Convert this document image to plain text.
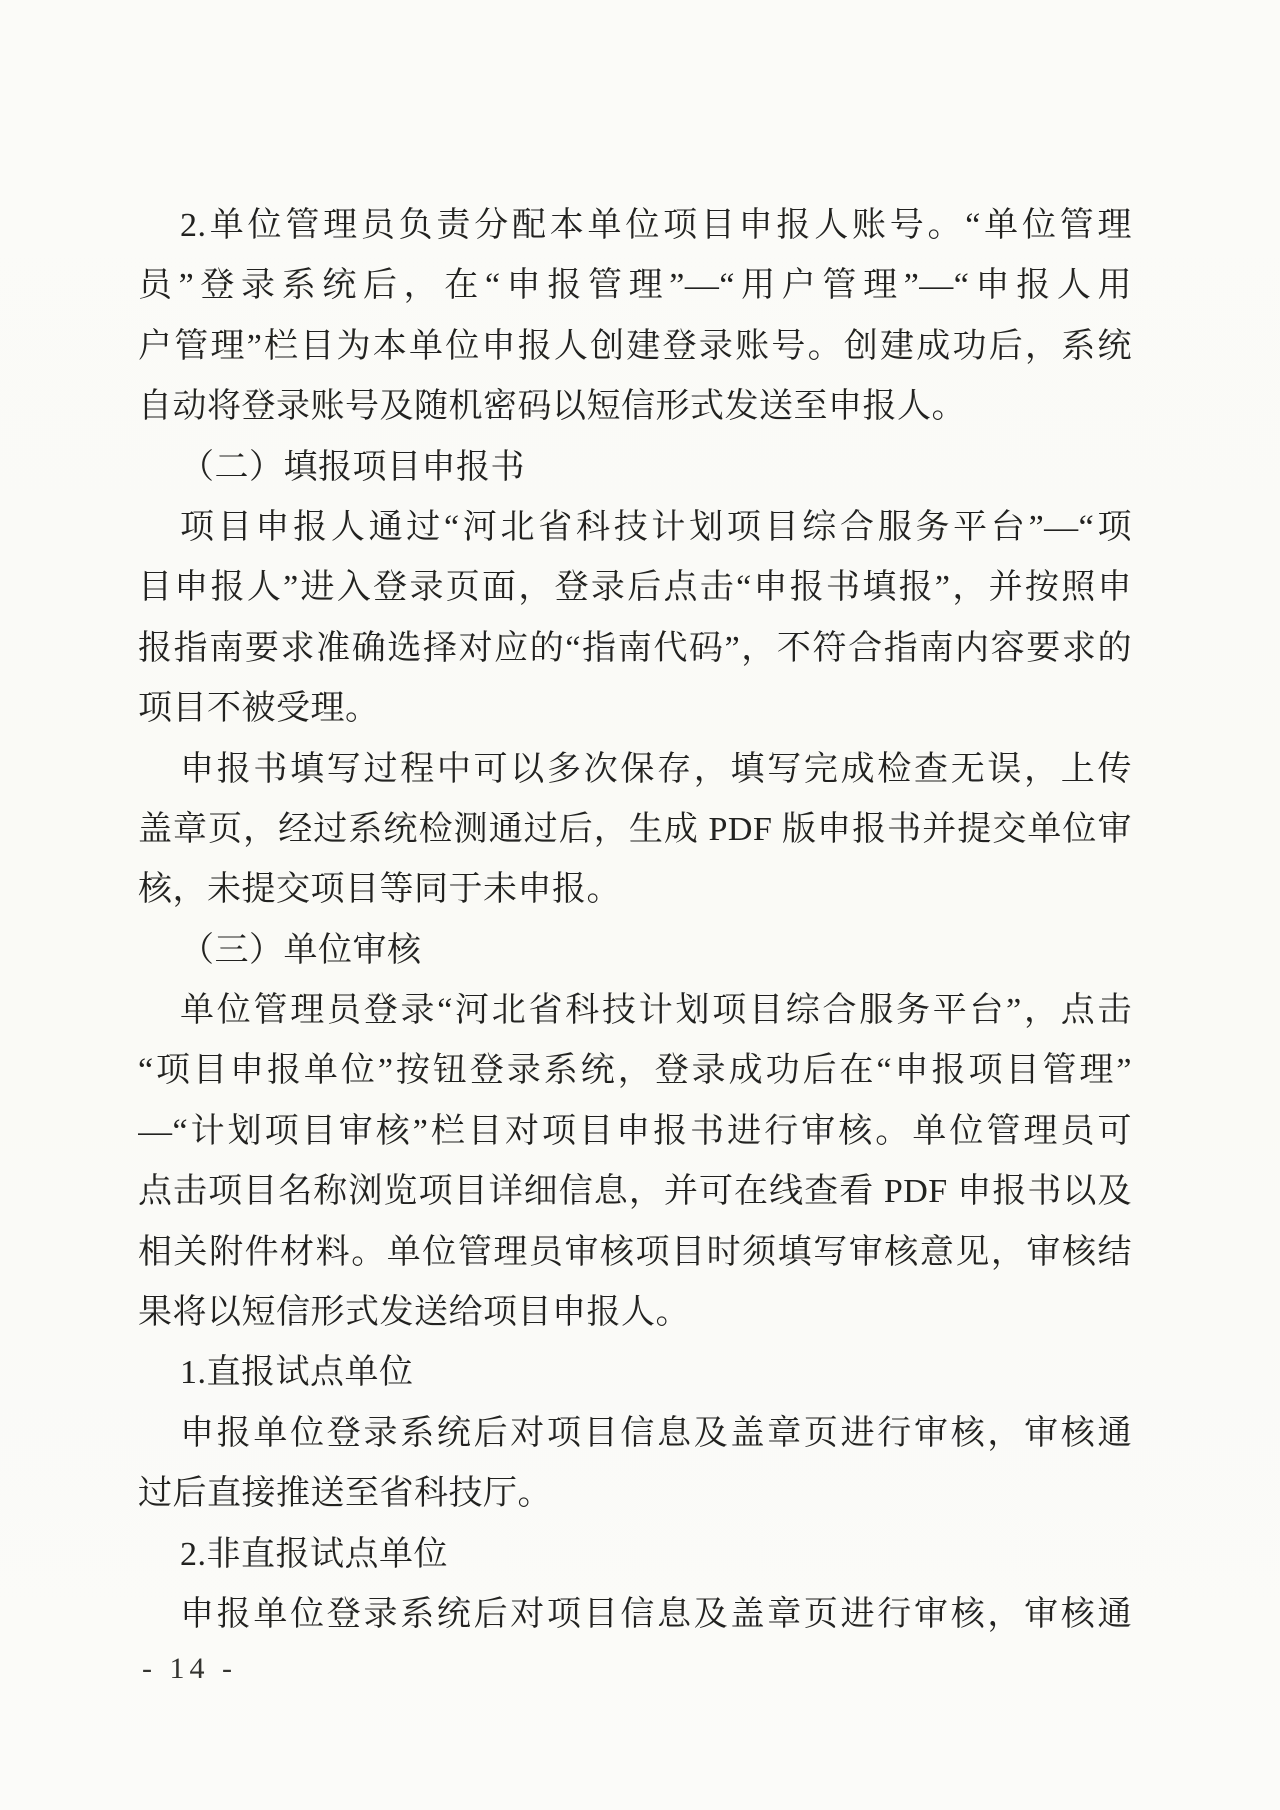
2.单位管理员负责分配本单位项目申报人账号。“单位管理
员”登录系统后，在“申报管理”—“用户管理”—“申报人用
户管理”栏目为本单位申报人创建登录账号。创建成功后，系统
自动将登录账号及随机密码以短信形式发送至申报人。
（二）填报项目申报书
项目申报人通过“河北省科技计划项目综合服务平台”—“项
目申报人”进入登录页面，登录后点击“申报书填报”，并按照申
报指南要求准确选择对应的“指南代码”，不符合指南内容要求的
项目不被受理。
申报书填写过程中可以多次保存，填写完成检查无误，上传
盖章页，经过系统检测通过后，生成 PDF 版申报书并提交单位审
核，未提交项目等同于未申报。
（三）单位审核
单位管理员登录“河北省科技计划项目综合服务平台”，点击
“项目申报单位”按钮登录系统，登录成功后在“申报项目管理”
—“计划项目审核”栏目对项目申报书进行审核。单位管理员可
点击项目名称浏览项目详细信息，并可在线查看 PDF 申报书以及
相关附件材料。单位管理员审核项目时须填写审核意见，审核结
果将以短信形式发送给项目申报人。
1.直报试点单位
申报单位登录系统后对项目信息及盖章页进行审核，审核通
过后直接推送至省科技厅。
2.非直报试点单位
申报单位登录系统后对项目信息及盖章页进行审核，审核通
- 14 -
